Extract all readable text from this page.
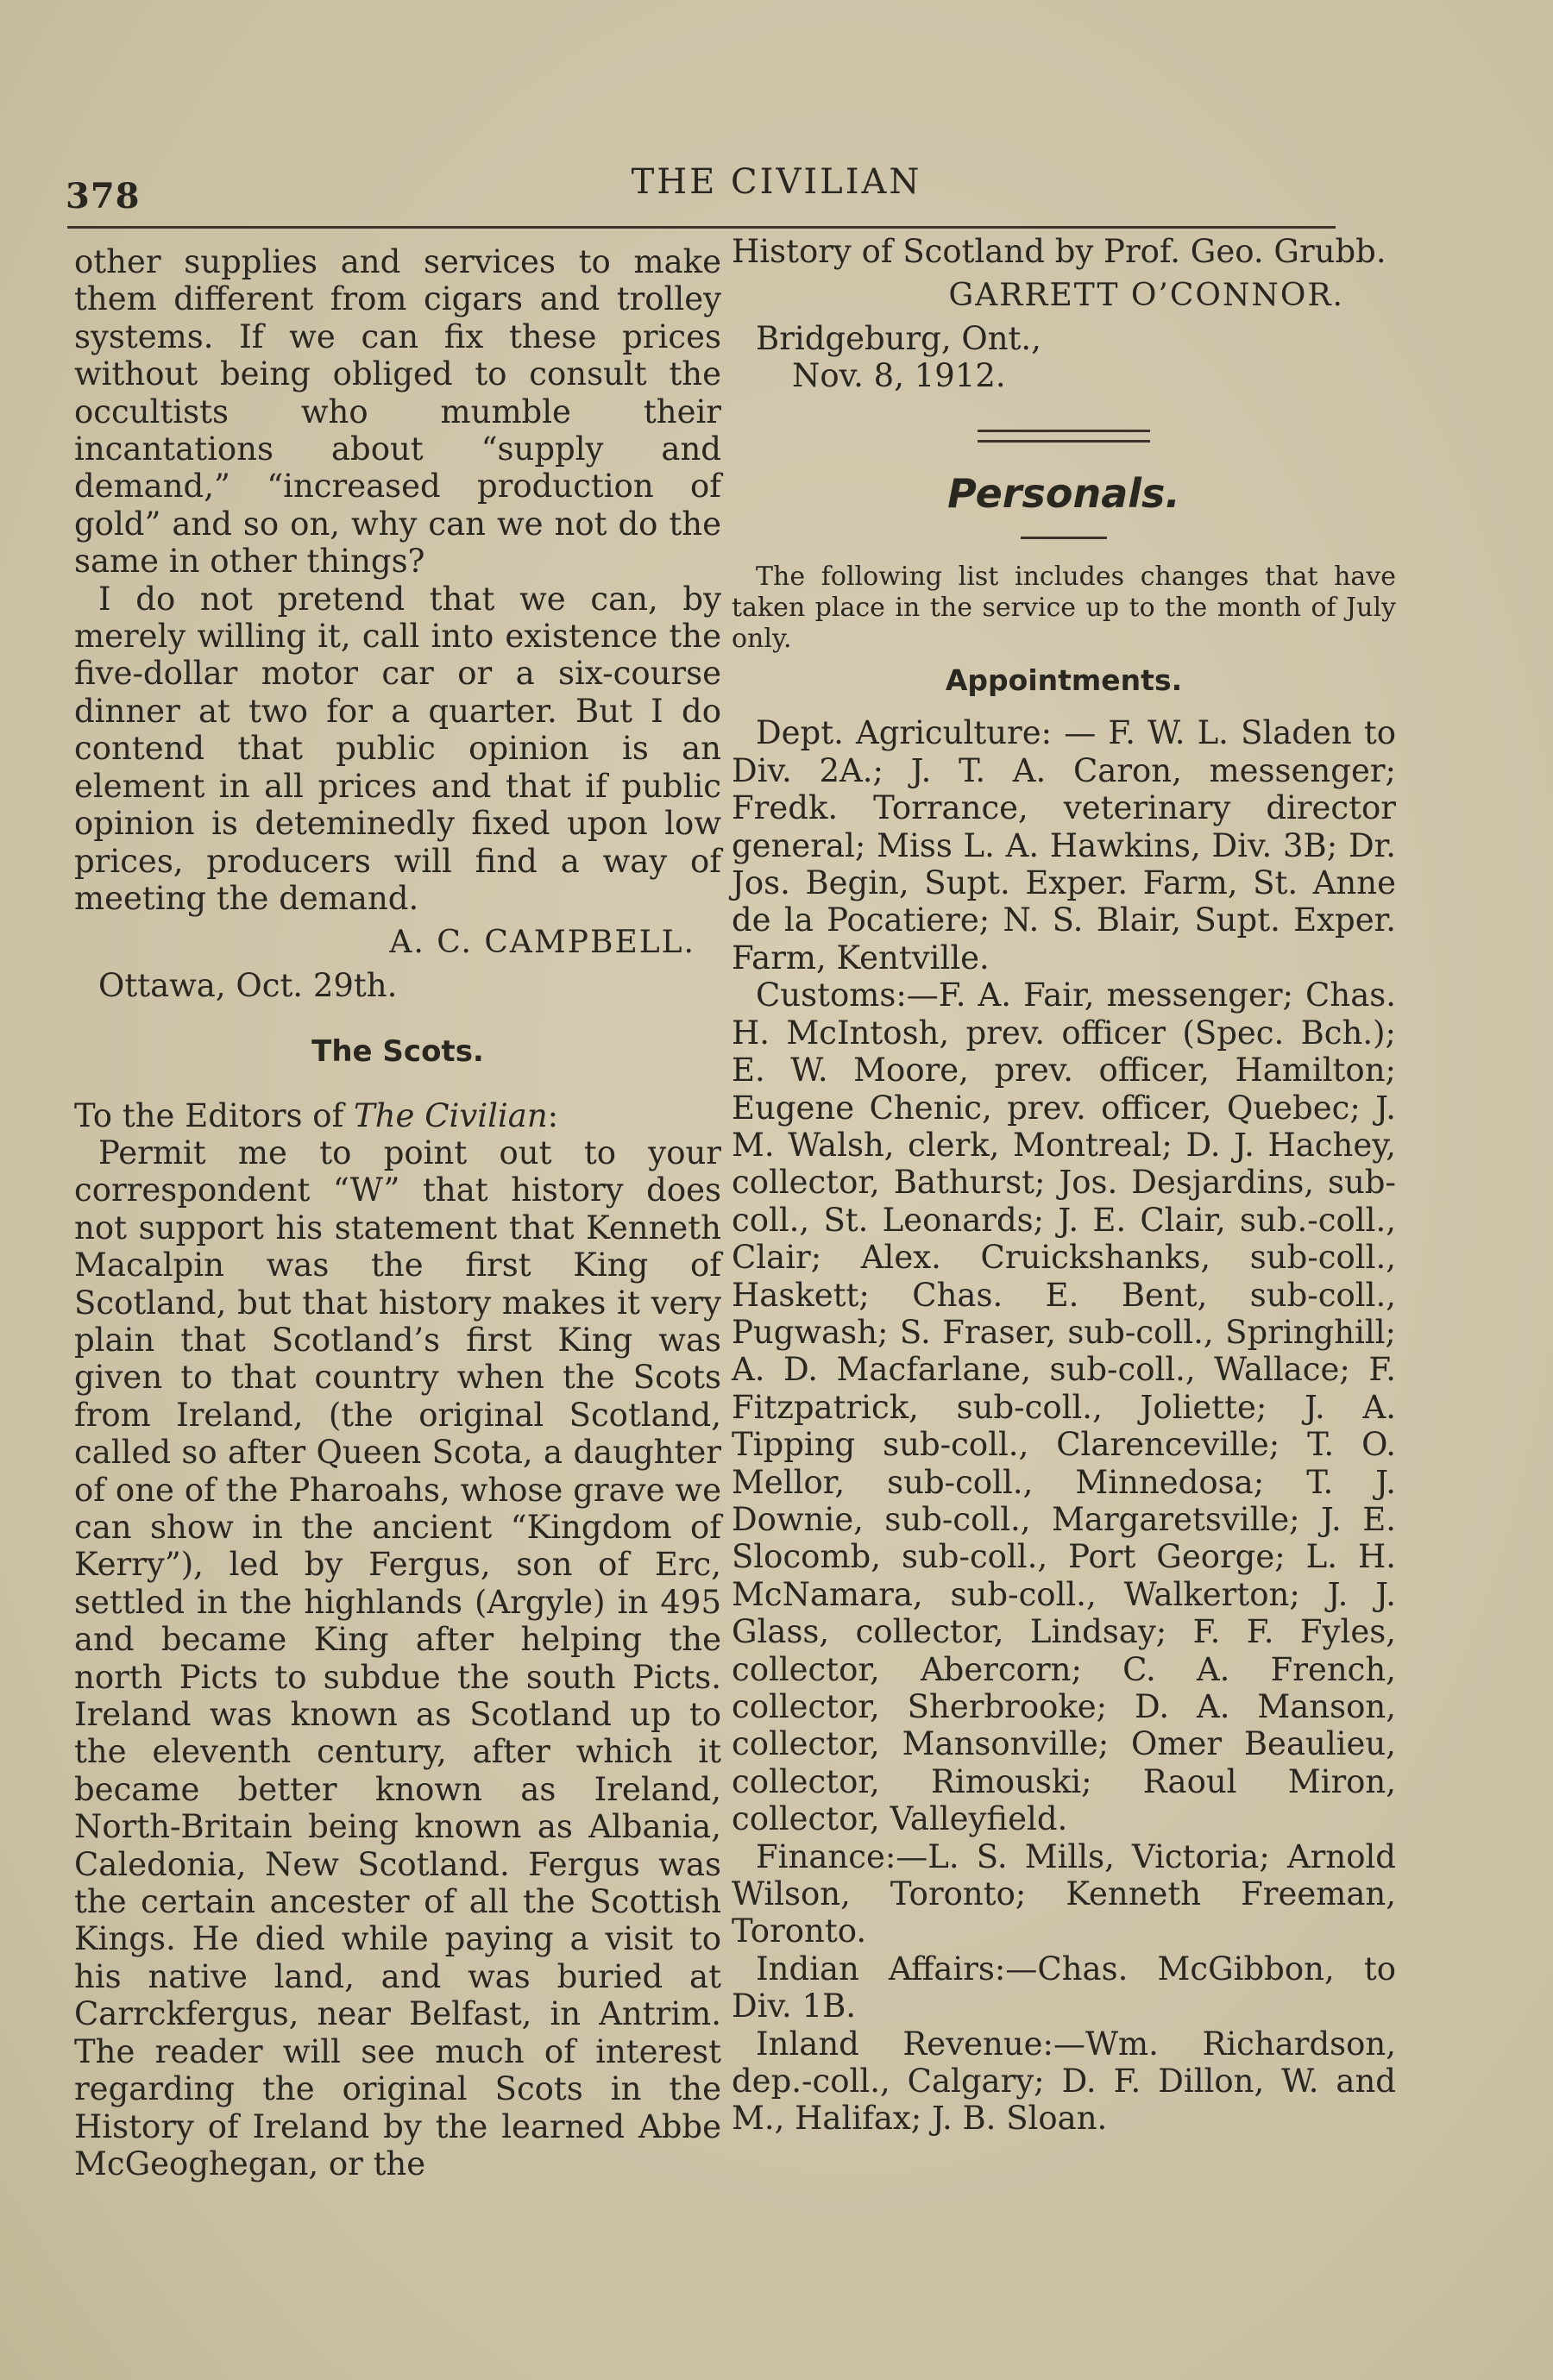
378	THE CIVILIAN

other supplies and services to make them different from cigars and trolley systems. If we can fix these prices without being obliged to consult the occultists who mumble their incantations about “supply and demand,” “increased production of gold” and so on, why can we not do the same in other things?

I do not pretend that we can, by merely willing it, call into existence the five-dollar motor car or a six-course dinner at two for a quarter. But I do contend that public opinion is an element in all prices and that if public opinion is deteminedly fixed upon low prices, producers will find a way of meeting the demand.

A. C. CAMPBELL.

Ottawa, Oct. 29th.

The Scots.

To the Editors of The Civilian:

Permit me to point out to your correspondent “W” that history does not support his statement that Kenneth Macalpin was the first King of Scotland, but that history makes it very plain that Scotland’s first King was given to that country when the Scots from Ireland, (the original Scotland, called so after Queen Scota, a daughter of one of the Pharoahs, whose grave we can show in the ancient “Kingdom of Kerry”), led by Fergus, son of Erc, settled in the highlands (Argyle) in 495 and became King after helping the north Picts to subdue the south Picts. Ireland was known as Scotland up to the eleventh century, after which it became better known as Ireland, North-Britain being known as Albania, Caledonia, New Scotland. Fergus was the certain ancester of all the Scottish Kings. He died while paying a visit to his native land, and was buried at Carrckfergus, near Belfast, in Antrim. The reader will see much of interest regarding the original Scots in the History of Ireland by the learned Abbe McGeoghegan, or the

History of Scotland by Prof. Geo. Grubb.

GARRETT O’CONNOR.

Bridgeburg, Ont.,

Nov. 8, 1912.

Personals.

The following list includes changes that have taken place in the service up to the month of July only.

Appointments.

Dept. Agriculture: — F. W. L. Sladen to Div. 2A.; J. T. A. Caron, messenger; Fredk. Torrance, veterinary director general; Miss L. A. Hawkins, Div. 3B; Dr. Jos. Begin, Supt. Exper. Farm, St. Anne de la Pocatiere; N. S. Blair, Supt. Exper. Farm, Kentville.

Customs:—F. A. Fair, messenger; Chas. H. McIntosh, prev. officer (Spec. Bch.); E. W. Moore, prev. officer, Hamilton; Eugene Chenic, prev. officer, Quebec; J. M. Walsh, clerk, Montreal; D. J. Hachey, collector, Bathurst; Jos. Desjardins, sub-coll., St. Leonards; J. E. Clair, sub.-coll., Clair; Alex. Cruickshanks, sub-coll., Haskett; Chas. E. Bent, sub-coll., Pugwash; S. Fraser, sub-coll., Springhill; A. D. Macfarlane, sub-coll., Wallace; F. Fitzpatrick, sub-coll., Joliette; J. A. Tipping sub-coll., Clarenceville; T. O. Mellor, sub-coll., Minnedosa; T. J. Downie, sub-coll., Margaretsville; J. E. Slocomb, sub-coll., Port George; L. H. McNamara, sub-coll., Walkerton; J. J. Glass, collector, Lindsay; F. F. Fyles, collector, Abercorn; C. A. French, collector, Sherbrooke; D. A. Manson, collector, Mansonville; Omer Beaulieu, collector, Rimouski; Raoul Miron, collector, Valleyfield.

Finance:—L. S. Mills, Victoria; Arnold Wilson, Toronto; Kenneth Freeman, Toronto.

Indian Affairs:—Chas. McGibbon, to Div. 1B.

Inland Revenue:—Wm. Richardson, dep.-coll., Calgary; D. F. Dillon, W. and M., Halifax; J. B. Sloan.
